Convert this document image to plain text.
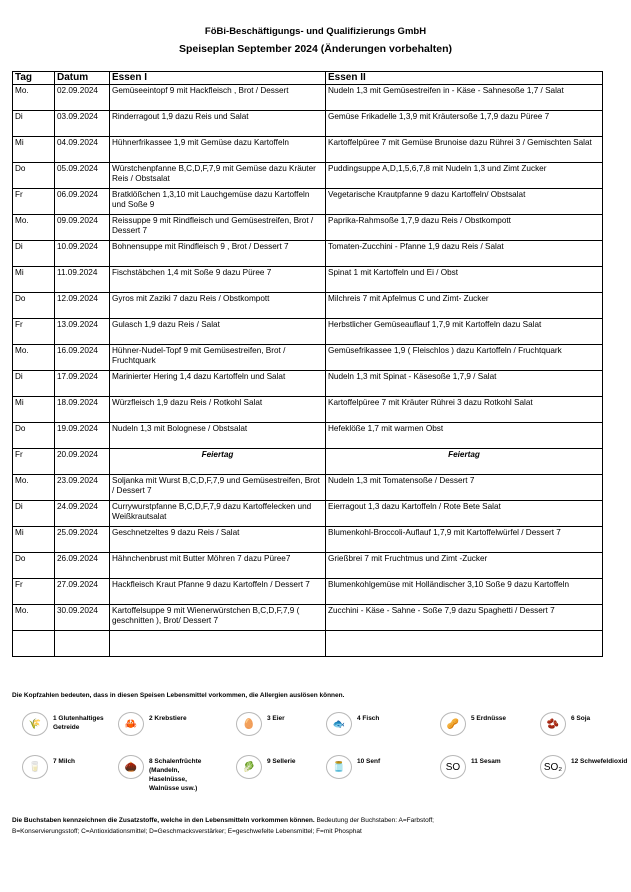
FöBi-Beschäftigungs- und Qualifizierungs GmbH
Speiseplan September 2024 (Änderungen vorbehalten)
Tag	Datum	Essen I	Essen II
Mo.	02.09.2024	Gemüseeintopf 9 mit Hackfleisch , Brot / Dessert	Nudeln 1,3 mit Gemüsestreifen in - Käse - Sahnesoße 1,7 / Salat
Di	03.09.2024	Rinderragout 1,9 dazu Reis und Salat	Gemüse Frikadelle 1,3,9 mit Kräutersoße 1,7,9 dazu Püree 7
Mi	04.09.2024	Hühnerfrikassee 1,9 mit Gemüse dazu Kartoffeln	Kartoffelpüree 7 mit Gemüse Brunoise dazu Rührei 3 / Gemischten Salat
Do	05.09.2024	Würstchenpfanne B,C,D,F,7,9 mit Gemüse dazu Kräuter Reis / Obstsalat	Puddingsuppe A,D,1,5,6,7,8 mit Nudeln 1,3 und Zimt Zucker
Fr	06.09.2024	Bratklößchen 1,3,10 mit Lauchgemüse dazu Kartoffeln und Soße 9	Vegetarische Krautpfanne 9 dazu Kartoffeln/ Obstsalat
Mo.	09.09.2024	Reissuppe 9 mit Rindfleisch und Gemüsestreifen, Brot / Dessert 7	Paprika-Rahmsoße 1,7,9 dazu Reis / Obstkompott
Di	10.09.2024	Bohnensuppe mit Rindfleisch 9 , Brot / Dessert 7	Tomaten-Zucchini - Pfanne 1,9 dazu Reis / Salat
Mi	11.09.2024	Fischstäbchen 1,4 mit Soße 9 dazu Püree 7	Spinat 1 mit Kartoffeln und Ei / Obst
Do	12.09.2024	Gyros mit Zaziki 7 dazu Reis / Obstkompott	Milchreis 7 mit Apfelmus C und Zimt- Zucker
Fr	13.09.2024	Gulasch 1,9 dazu Reis / Salat	Herbstlicher Gemüseauflauf 1,7,9 mit Kartoffeln dazu Salat
Mo.	16.09.2024	Hühner-Nudel-Topf 9 mit Gemüsestreifen, Brot / Fruchtquark	Gemüsefrikassee 1,9 ( Fleischlos ) dazu Kartoffeln / Fruchtquark
Di	17.09.2024	Marinierter Hering 1,4 dazu Kartoffeln und Salat	Nudeln 1,3 mit Spinat - Käsesoße 1,7,9 / Salat
Mi	18.09.2024	Würzfleisch 1,9 dazu Reis / Rotkohl Salat	Kartoffelpüree 7 mit Kräuter Rührei 3 dazu Rotkohl Salat
Do	19.09.2024	Nudeln 1,3 mit Bolognese / Obstsalat	Hefeklöße 1,7 mit warmen Obst
Fr	20.09.2024	Feiertag	Feiertag
Mo.	23.09.2024	Soljanka mit Wurst B,C,D,F,7,9 und Gemüsestreifen, Brot / Dessert 7	Nudeln 1,3 mit Tomatensoße / Dessert 7
Di	24.09.2024	Currywurstpfanne B,C,D,F,7,9 dazu Kartoffelecken und Weißkrautsalat	Eierragout 1,3 dazu Kartoffeln / Rote Bete Salat
Mi	25.09.2024	Geschnetzeltes 9 dazu Reis / Salat	Blumenkohl-Broccoli-Auflauf 1,7,9 mit Kartoffelwürfel / Dessert 7
Do	26.09.2024	Hähnchenbrust mit Butter Möhren 7 dazu Püree7	Grießbrei 7 mit Fruchtmus und Zimt -Zucker
Fr	27.09.2024	Hackfleisch Kraut Pfanne 9 dazu Kartoffeln / Dessert 7	Blumenkohlgemüse mit Holländischer 3,10 Soße 9 dazu Kartoffeln
Mo.	30.09.2024	Kartoffelsuppe 9 mit Wienerwürstchen B,C,D,F,7,9 ( geschnitten ), Brot/ Dessert 7	Zucchini - Käse - Sahne - Soße 7,9 dazu Spaghetti / Dessert 7

Die Kopfzahlen bedeuten, dass in diesen Speisen Lebensmittel vorkommen, die Allergien auslösen können.
🌾	1 Glutenhaltiges Getreide	🦀	2 Krebstiere	🥚	3 Eier	🐟	4 Fisch	🥜	5 Erdnüsse	🫘	6 Soja
🥛	7 Milch	🌰	8 Schalenfrüchte (Mandeln, Haselnüsse, Walnüsse usw.)
🥬	9 Sellerie	🫙	10 Senf	SO	11 Sesam	SO₂	12 Schwefeldioxid
Die Buchstaben kennzeichnen die Zusatzstoffe, welche in den Lebensmitteln vorkommen können. Bedeutung der Buchstaben: A=Farbstoff;
B=Konservierungsstoff; C=Antioxidationsmittel; D=Geschmacksverstärker; E=geschwefelte Lebensmittel; F=mit Phosphat
